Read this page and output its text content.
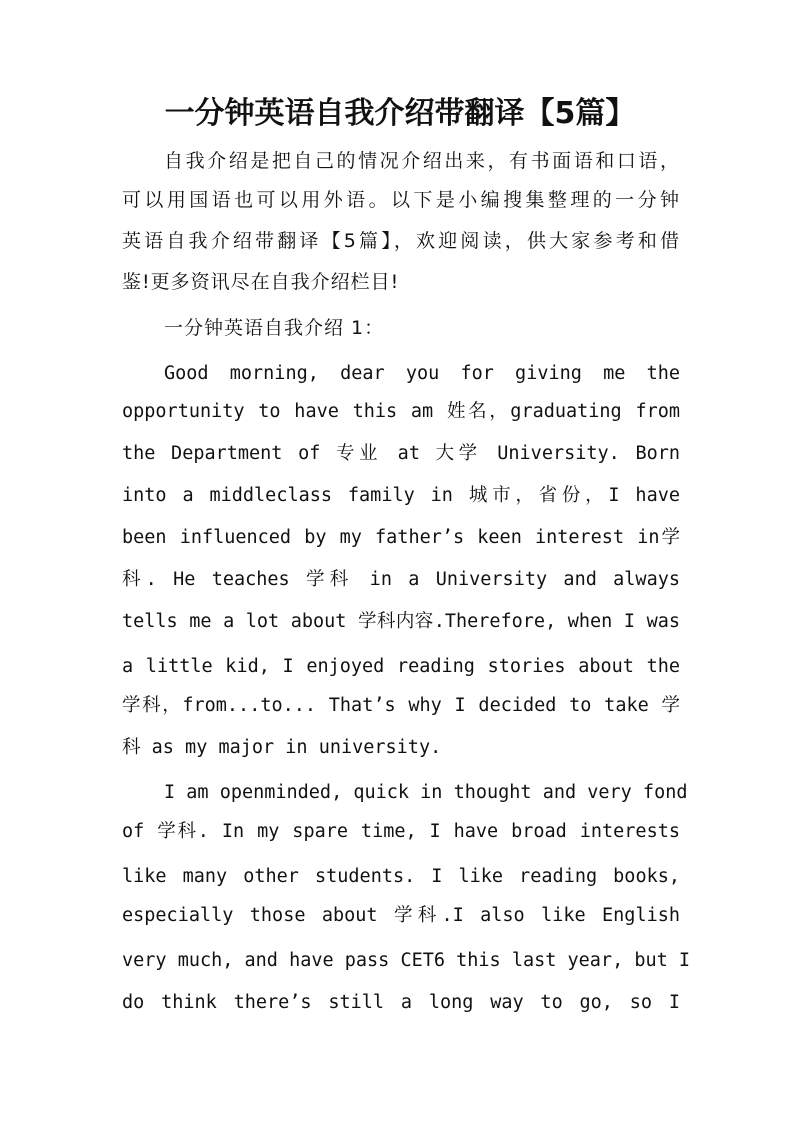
一分钟英语自我介绍带翻译【5篇】
自我介绍是把自己的情况介绍出来，有书面语和口语，
可以用国语也可以用外语。以下是小编搜集整理的一分钟
英语自我介绍带翻译【5篇】，欢迎阅读，供大家参考和借
鉴!更多资讯尽在自我介绍栏目!
一分钟英语自我介绍 1：
Good morning, dear you for giving me the
opportunity to have this am 姓名，graduating from
the Department of 专业 at 大学 University. Born
into a middleclass family in 城市，省份，I have
been influenced by my father’s keen interest in学
科. He teaches 学科 in a University and always
tells me a lot about 学科内容.Therefore, when I was
a little kid, I enjoyed reading stories about the
学科，from...to... That’s why I decided to take 学
科 as my major in university.
I am openminded, quick in thought and very fond
of 学科. In my spare time, I have broad interests
like many other students. I like reading books,
especially those about 学科.I also like English
very much, and have pass CET6 this last year, but I
do think there’s still a long way to go, so I
